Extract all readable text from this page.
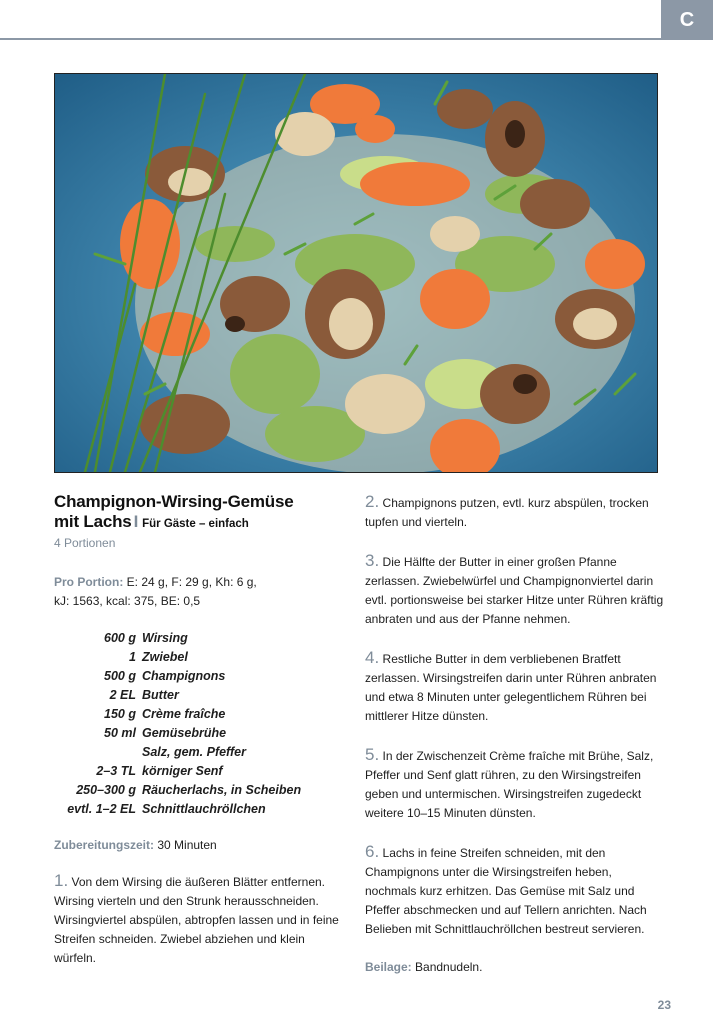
C
Champignon-Wirsing-Gemüse
mit Lachs I Für Gäste – einfach
4 Portionen
Pro Portion: E: 24 g, F: 29 g, Kh: 6 g,
kJ: 1563, kcal: 375, BE: 0,5
600 g Wirsing
1 Zwiebel
500 g Champignons
2 EL Butter
150 g Crème fraîche
50 ml Gemüsebrühe
Salz, gem. Pfeffer
2–3 TL körniger Senf
250–300 g Räucherlachs, in Scheiben
evtl. 1–2 EL Schnittlauchröllchen
Zubereitungszeit: 30 Minuten
1. Von dem Wirsing die äußeren Blätter entfernen. Wirsing vierteln und den Strunk herausschneiden. Wirsingviertel abspülen, abtropfen lassen und in feine Streifen schneiden. Zwiebel abziehen und klein würfeln.
2. Champignons putzen, evtl. kurz abspülen, trocken tupfen und vierteln.
3. Die Hälfte der Butter in einer großen Pfanne zerlassen. Zwiebelwürfel und Champignonviertel darin evtl. portionsweise bei starker Hitze unter Rühren kräftig anbraten und aus der Pfanne nehmen.
4. Restliche Butter in dem verbliebenen Bratfett zerlassen. Wirsingstreifen darin unter Rühren anbraten und etwa 8 Minuten unter gelegentlichem Rühren bei mittlerer Hitze dünsten.
5. In der Zwischenzeit Crème fraîche mit Brühe, Salz, Pfeffer und Senf glatt rühren, zu den Wirsingstreifen geben und untermischen. Wirsingstreifen zugedeckt weitere 10–15 Minuten dünsten.
6. Lachs in feine Streifen schneiden, mit den Champignons unter die Wirsingstreifen heben, nochmals kurz erhitzen. Das Gemüse mit Salz und Pfeffer abschmecken und auf Tellern anrichten. Nach Belieben mit Schnittlauchröllchen bestreut servieren.
Beilage: Bandnudeln.
23
